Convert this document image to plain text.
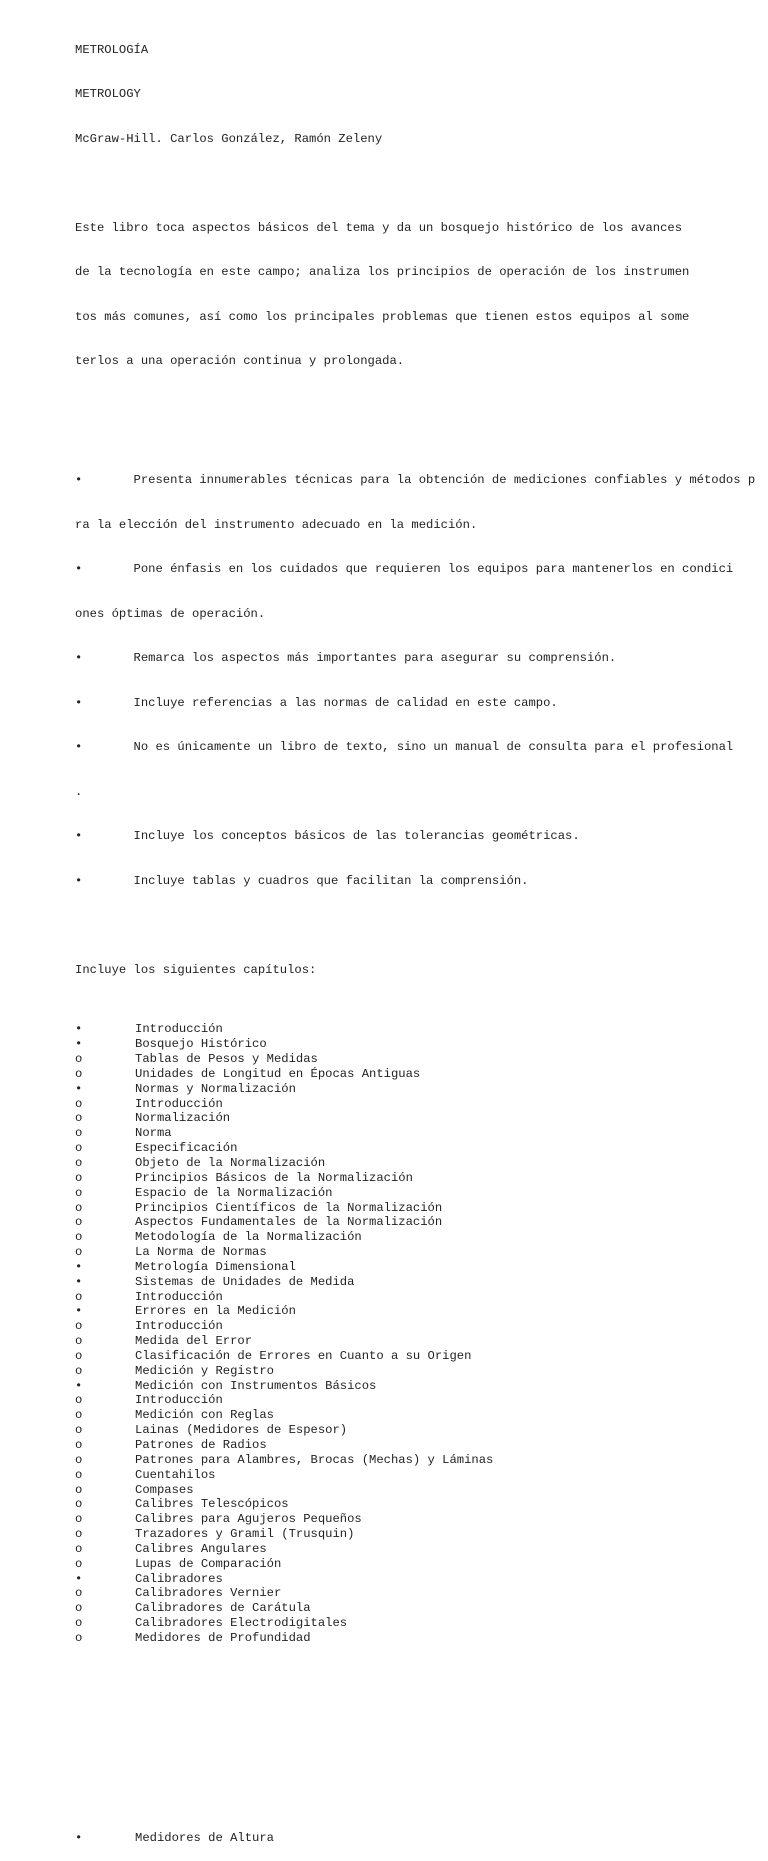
METROLOGÍA

METROLOGY

McGraw-Hill. Carlos González, Ramón Zeleny

Este libro toca aspectos básicos del tema y da un bosquejo histórico de los avances

de la tecnología en este campo; analiza los principios de operación de los instrumen

tos más comunes, así como los principales problemas que tienen estos equipos al some

terlos a una operación continua y prolongada.

•       Presenta innumerables técnicas para la obtención de mediciones confiables y métodos p

ra la elección del instrumento adecuado en la medición.

•       Pone énfasis en los cuidados que requieren los equipos para mantenerlos en condici

ones óptimas de operación.

•       Remarca los aspectos más importantes para asegurar su comprensión.

•       Incluye referencias a las normas de calidad en este campo.

•       No es únicamente un libro de texto, sino un manual de consulta para el profesional

.

•       Incluye los conceptos básicos de las tolerancias geométricas.

•       Incluye tablas y cuadros que facilitan la comprensión.

Incluye los siguientes capítulos:

•	Introducción
•	Bosquejo Histórico
o	Tablas de Pesos y Medidas
o	Unidades de Longitud en Épocas Antiguas
•	Normas y Normalización
o	Introducción
o	Normalización
o	Norma
o	Especificación
o	Objeto de la Normalización
o	Principios Básicos de la Normalización
o	Espacio de la Normalización
o	Principios Científicos de la Normalización
o	Aspectos Fundamentales de la Normalización
o	Metodología de la Normalización
o	La Norma de Normas
•	Metrología Dimensional
•	Sistemas de Unidades de Medida
o	Introducción
•	Errores en la Medición
o	Introducción
o	Medida del Error
o	Clasificación de Errores en Cuanto a su Origen
o	Medición y Registro
•	Medición con Instrumentos Básicos
o	Introducción
o	Medición con Reglas
o	Lainas (Medidores de Espesor)
o	Patrones de Radios
o	Patrones para Alambres, Brocas (Mechas) y Láminas
o	Cuentahilos
o	Compases
o	Calibres Telescópicos
o	Calibres para Agujeros Pequeños
o	Trazadores y Gramil (Trusquin)
o	Calibres Angulares
o	Lupas de Comparación
•	Calibradores
o	Calibradores Vernier
o	Calibradores de Carátula
o	Calibradores Electrodigitales
o	Medidores de Profundidad

•	Medidores de Altura
